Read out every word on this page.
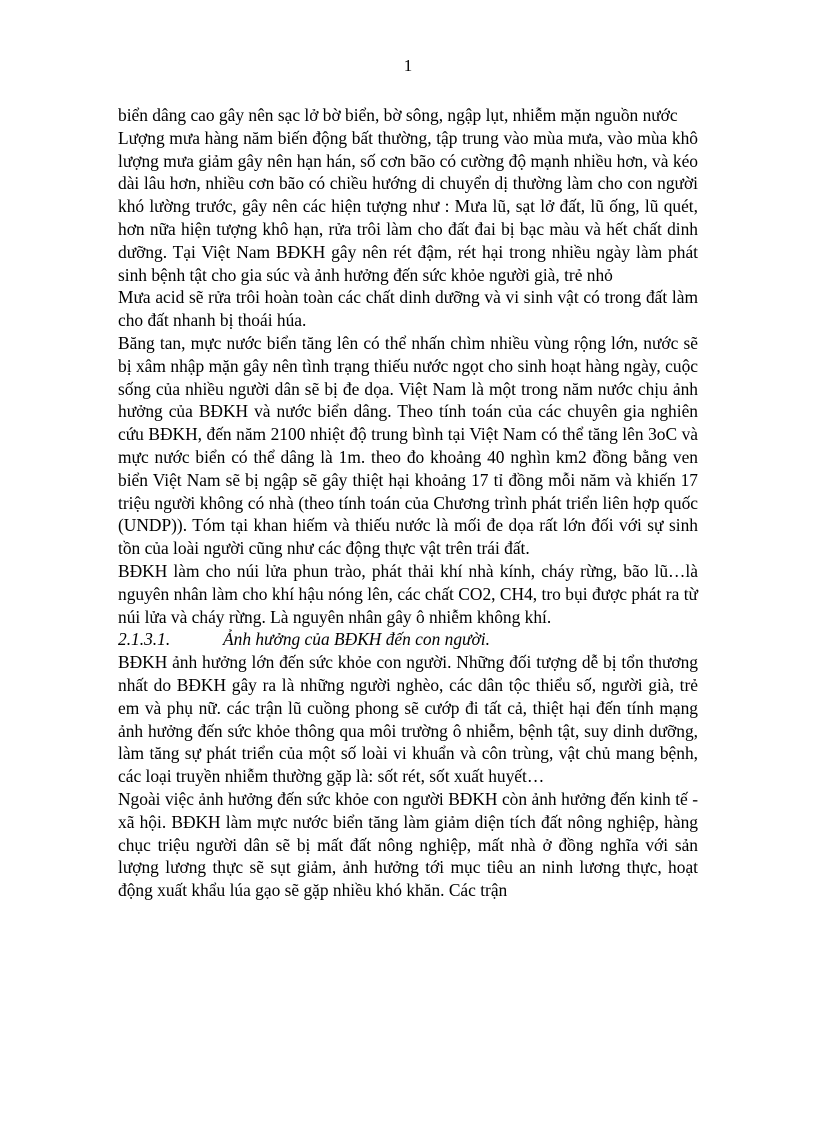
1

biển dâng cao gây nên sạc lở bờ biển, bờ sông, ngập lụt, nhiễm mặn nguồn nước

Lượng mưa hàng năm biến động bất thường, tập trung vào mùa mưa, vào mùa khô lượng mưa giảm gây nên hạn hán, số cơn bão có cường độ mạnh nhiều hơn, và kéo dài lâu hơn, nhiều cơn bão có chiều hướng di chuyển dị thường làm cho con người khó lường trước, gây nên các hiện tượng như : Mưa lũ, sạt lở đất, lũ ống, lũ quét, hơn nữa hiện tượng khô hạn, rửa trôi làm cho đất đai bị bạc màu và hết chất dinh dưỡng. Tại Việt Nam BĐKH gây nên rét đậm, rét hại trong nhiều ngày làm phát sinh bệnh tật cho gia súc và ảnh hưởng đến sức khỏe người già, trẻ nhỏ

Mưa acid sẽ rửa trôi hoàn toàn các chất dinh dưỡng và vi sinh vật có trong đất làm cho đất nhanh bị thoái húa.

Băng tan, mực nước biển tăng lên có thể nhấn chìm nhiều vùng rộng lớn, nước sẽ bị xâm nhập mặn gây nên tình trạng thiếu nước ngọt cho sinh hoạt hàng ngày, cuộc sống của nhiều người dân sẽ bị đe dọa. Việt Nam là một trong năm nước chịu ảnh hưởng của BĐKH và nước biển dâng. Theo tính toán của các chuyên gia nghiên cứu BĐKH, đến năm 2100 nhiệt độ trung bình tại Việt Nam có thể tăng lên 3oC và mực nước biển có thể dâng là 1m. theo đo khoảng 40 nghìn km2 đồng bằng ven biển Việt Nam sẽ bị ngập sẽ gây thiệt hại khoảng 17 tỉ đồng mỗi năm và khiến 17 triệu người không có nhà (theo tính toán của Chương trình phát triển liên hợp quốc (UNDP)). Tóm tại khan hiếm và thiếu nước là mối đe dọa rất lớn đối với sự sinh tồn của loài người cũng như các động thực vật trên trái đất.

BĐKH làm cho núi lửa phun trào, phát thải khí nhà kính, cháy rừng, bão lũ…là nguyên nhân làm cho khí hậu nóng lên, các chất CO2, CH4, tro bụi được phát ra từ núi lửa và cháy rừng. Là nguyên nhân gây ô nhiễm không khí.

2.1.3.1.	Ảnh hưởng của BĐKH đến con người.

BĐKH ảnh hưởng lớn đến sức khỏe con người. Những đối tượng dễ bị tổn thương nhất do BĐKH gây ra là những người nghèo, các dân tộc thiểu số, người già, trẻ em và phụ nữ. các trận lũ cuồng phong sẽ cướp đi tất cả, thiệt hại đến tính mạng ảnh hưởng đến sức khỏe thông qua môi trường ô nhiễm, bệnh tật, suy dinh dưỡng, làm tăng sự phát triển của một số loài vi khuẩn và côn trùng, vật chủ mang bệnh, các loại truyền nhiễm thường gặp là: sốt rét, sốt xuất huyết…

Ngoài việc ảnh hưởng đến sức khỏe con người BĐKH còn ảnh hưởng đến kinh tế - xã hội. BĐKH làm mực nước biển tăng làm giảm diện tích đất nông nghiệp, hàng chục triệu người dân sẽ bị mất đất nông nghiệp, mất nhà ở đồng nghĩa với sản lượng lương thực sẽ sụt giảm, ảnh hưởng tới mục tiêu an ninh lương thực, hoạt động xuất khẩu lúa gạo sẽ gặp nhiều khó khăn. Các trận
